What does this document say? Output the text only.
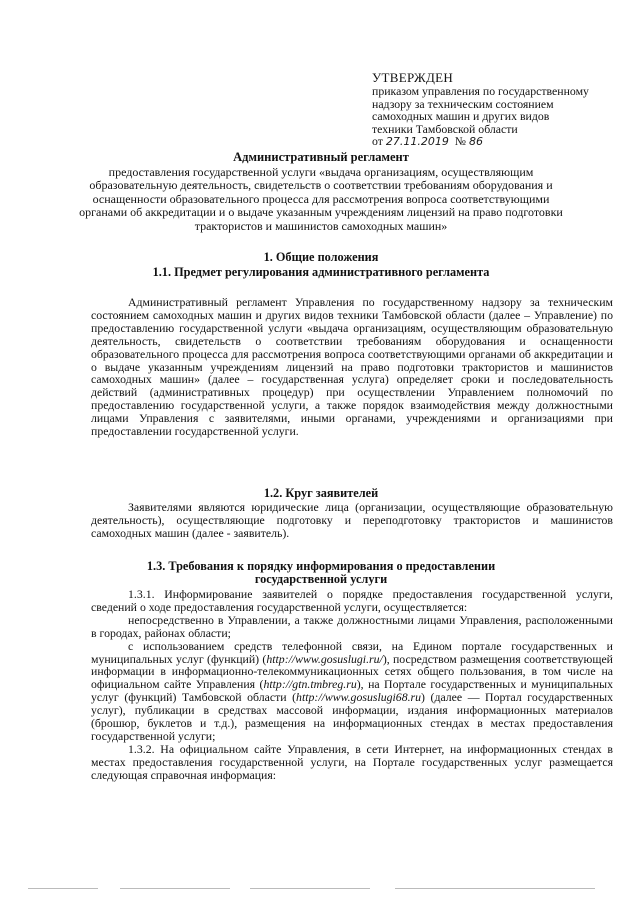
УТВЕРЖДЕН
приказом управления по государственному
надзору за техническим состоянием
самоходных машин и других видов
техники Тамбовской области
от 27.11.2019 № 86
Административный регламент
предоставления государственной услуги «выдача организациям, осуществляющим образовательную деятельность, свидетельств о соответствии требованиям оборудования и оснащенности образовательного процесса для рассмотрения вопроса соответствующими органами об аккредитации и о выдаче указанным учреждениям лицензий на право подготовки трактористов и машинистов самоходных машин»
1. Общие положения
1.1. Предмет регулирования административного регламента
Административный регламент Управления по государственному надзору за техническим состоянием самоходных машин и других видов техники Тамбовской области (далее – Управление) по предоставлению государственной услуги «выдача организациям, осуществляющим образовательную деятельность, свидетельств о соответствии требованиям оборудования и оснащенности образовательного процесса для рассмотрения вопроса соответствующими органами об аккредитации и о выдаче указанным учреждениям лицензий на право подготовки трактористов и машинистов самоходных машин» (далее – государственная услуга) определяет сроки и последовательность действий (административных процедур) при осуществлении Управлением полномочий по предоставлению государственной услуги, а также порядок взаимодействия между должностными лицами Управления с заявителями, иными органами, учреждениями и организациями при предоставлении государственной услуги.
1.2. Круг заявителей
Заявителями являются юридические лица (организации, осуществляющие образовательную деятельность), осуществляющие подготовку и переподготовку трактористов и машинистов самоходных машин (далее - заявитель).
1.3. Требования к порядку информирования о предоставлении
государственной услуги
1.3.1. Информирование заявителей о порядке предоставления государственной услуги, сведений о ходе предоставления государственной услуги, осуществляется:
непосредственно в Управлении, а также должностными лицами Управления, расположенными в городах, районах области;
с использованием средств телефонной связи, на Едином портале государственных и муниципальных услуг (функций) (http://www.gosuslugi.ru/), посредством размещения соответствующей информации в информационно-телекоммуникационных сетях общего пользования, в том числе на официальном сайте Управления (http://gtn.tmbreg.ru), на Портале государственных и муниципальных услуг (функций) Тамбовской области (http://www.gosuslugi68.ru) (далее — Портал государственных услуг), публикации в средствах массовой информации, издания информационных материалов (брошюр, буклетов и т.д.), размещения на информационных стендах в местах предоставления государственной услуги;
1.3.2. На официальном сайте Управления, в сети Интернет, на информационных стендах в местах предоставления государственной услуги, на Портале государственных услуг размещается следующая справочная информация:
